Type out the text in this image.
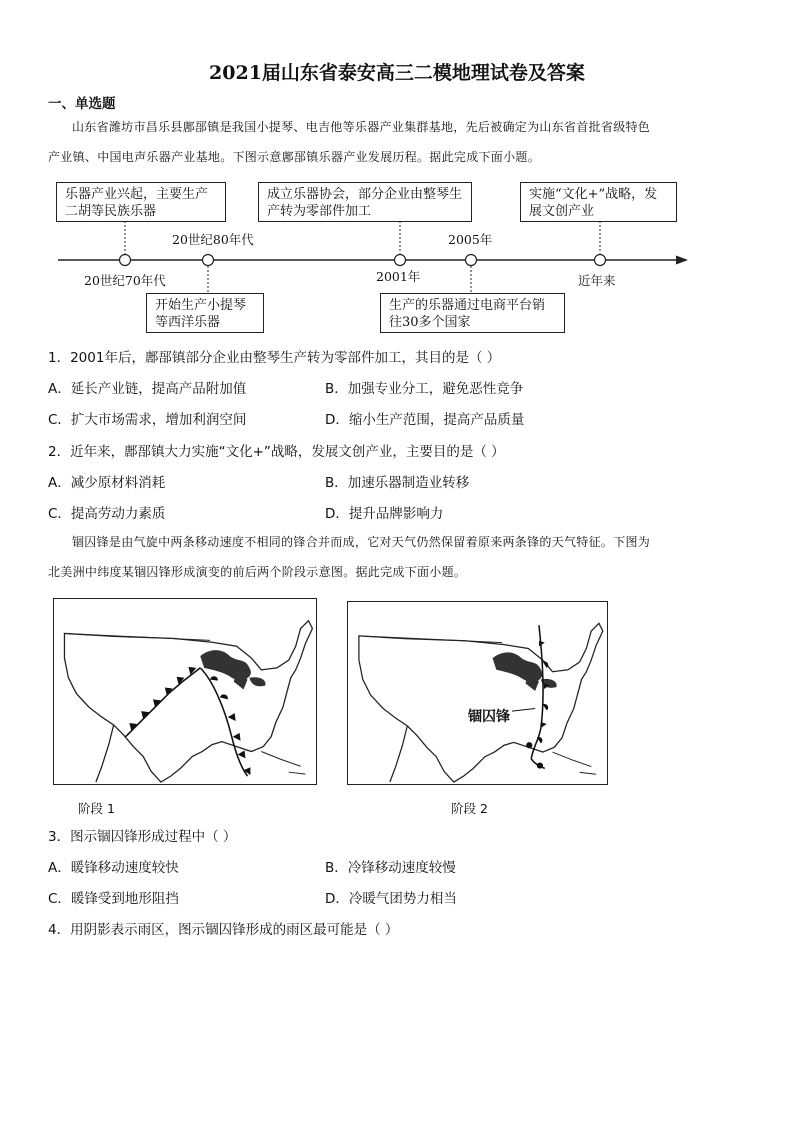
2021届山东省泰安高三二模地理试卷及答案
一、单选题
山东省潍坊市昌乐县鄌郚镇是我国小提琴、电吉他等乐器产业集群基地，先后被确定为山东省首批省级特色
产业镇、中国电声乐器产业基地。下图示意鄌郚镇乐器产业发展历程。据此完成下面小题。
乐器产业兴起，主要生产二胡等民族乐器
成立乐器协会，部分企业由整琴生产转为零部件加工
实施“文化+”战略，发展文创产业
开始生产小提琴等西洋乐器
生产的乐器通过电商平台销往30多个国家
20世纪70年代
20世纪80年代
2001年
2005年
近年来
1．2001年后，鄌郚镇部分企业由整琴生产转为零部件加工，其目的是（ ）
A．延长产业链，提高产品附加值	B．加强专业分工，避免恶性竞争
C．扩大市场需求，增加利润空间	D．缩小生产范围，提高产品质量
2．近年来，鄌郚镇大力实施“文化+”战略，发展文创产业，主要目的是（ ）
A．减少原材料消耗	B．加速乐器制造业转移
C．提高劳动力素质	D．提升品牌影响力
锢囚锋是由气旋中两条移动速度不相同的锋合并而成，它对天气仍然保留着原来两条锋的天气特征。下图为
北美洲中纬度某锢囚锋形成演变的前后两个阶段示意图。据此完成下面小题。
锢囚锋
阶段 1	阶段 2
3．图示锢囚锋形成过程中（ ）
A．暖锋移动速度较快	B．冷锋移动速度较慢
C．暖锋受到地形阻挡	D．冷暖气团势力相当
4．用阴影表示雨区，图示锢囚锋形成的雨区最可能是（ ）
